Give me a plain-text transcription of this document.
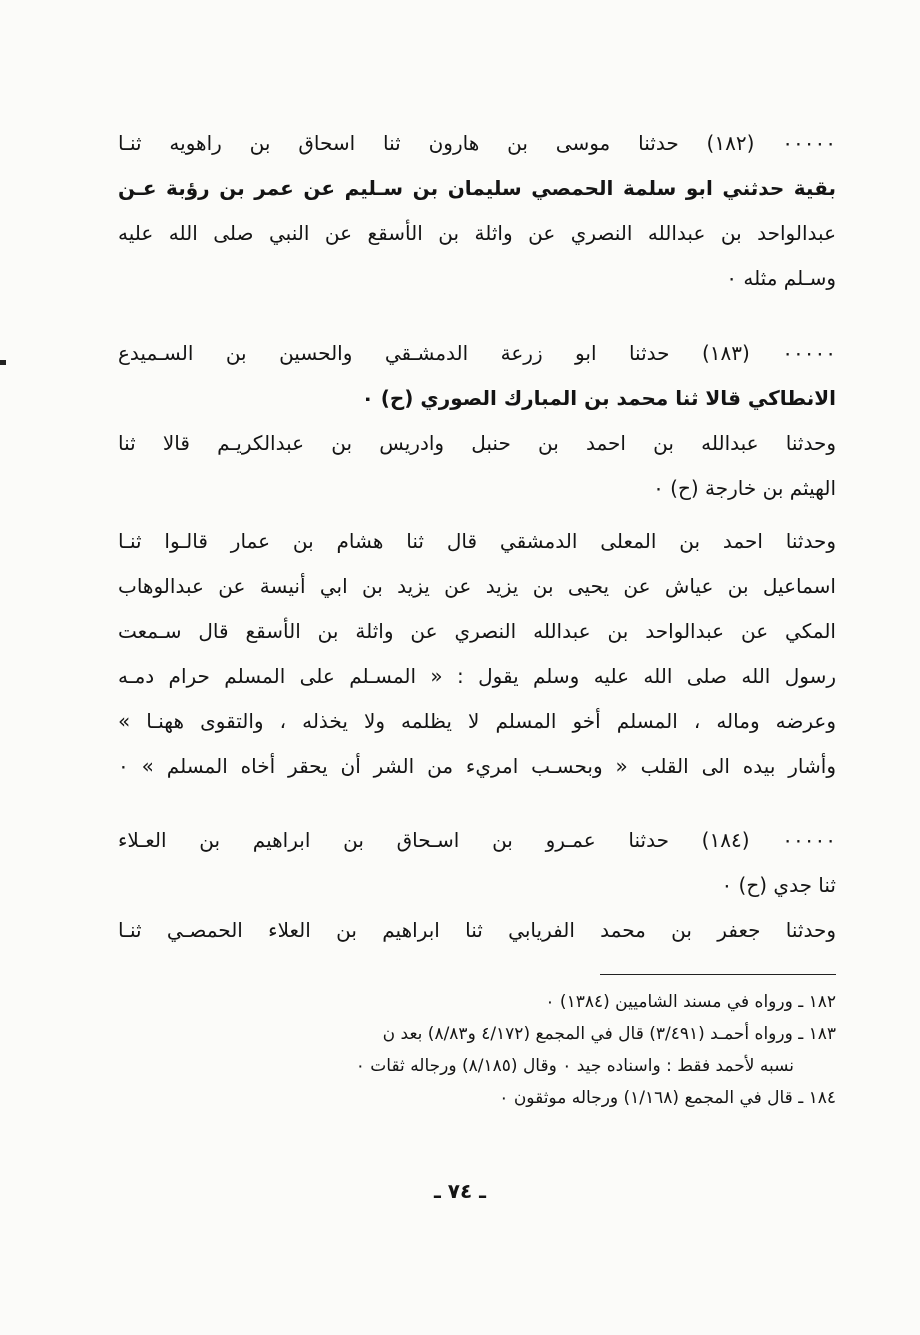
٠٠٠٠٠ (١٨٢) حدثنا موسى بن هارون ثنا اسحاق بن راهويه ثنـا
بقية حدثني ابو سلمة الحمصي سليمان بن سـليم عن عمر بن رؤبة عـن
عبدالواحد بن عبدالله النصري عن واثلة بن الأسقع عن النبي صلى الله عليه
وسـلم مثله ٠
٠٠٠٠٠ (١٨٣) حدثنا ابو زرعة الدمشـقي والحسين بن السـميدع
الانطاكي قالا ثنا محمد بن المبارك الصوري (ح) ٠
وحدثنا عبدالله بن احمد بن حنبل وادريس بن عبدالكريـم قالا ثنا
الهيثم بن خارجة (ح) ٠
وحدثنا احمد بن المعلى الدمشقي قال ثنا هشام بن عمار قالـوا ثنـا
اسماعيل بن عياش عن يحيى بن يزيد عن يزيد بن ابي أنيسة عن عبدالوهاب
المكي عن عبدالواحد بن عبدالله النصري عن واثلة بن الأسقع قال سـمعت
رسول الله صلى الله عليه وسلم يقول : « المسـلم على المسلم حرام دمـه
وعرضه وماله ، المسلم أخو المسلم لا يظلمه ولا يخذله ، والتقوى ههنـا »
وأشار بيده الى القلب « وبحسـب امريء من الشر أن يحقر أخاه المسلم » ٠
٠٠٠٠٠ (١٨٤) حدثنا عمـرو بن اسـحاق بن ابراهيم بن العـلاء
ثنا جدي (ح) ٠
وحدثنا جعفر بن محمد الفريابي ثنا ابراهيم بن العلاء الحمصـي ثنـا
١٨٢ ـ ورواه في مسند الشاميين (١٣٨٤) ٠
١٨٣ ـ ورواه أحمـد (٣/٤٩١) قال في المجمع (٤/١٧٢ و٨/٨٣) بعد ن
نسبه لأحمد فقط : واسناده جيد ٠ وقال (٨/١٨٥) ورجاله ثقات ٠
١٨٤ ـ قال في المجمع (١/١٦٨) ورجاله موثقون ٠
ـ ٧٤ ـ
